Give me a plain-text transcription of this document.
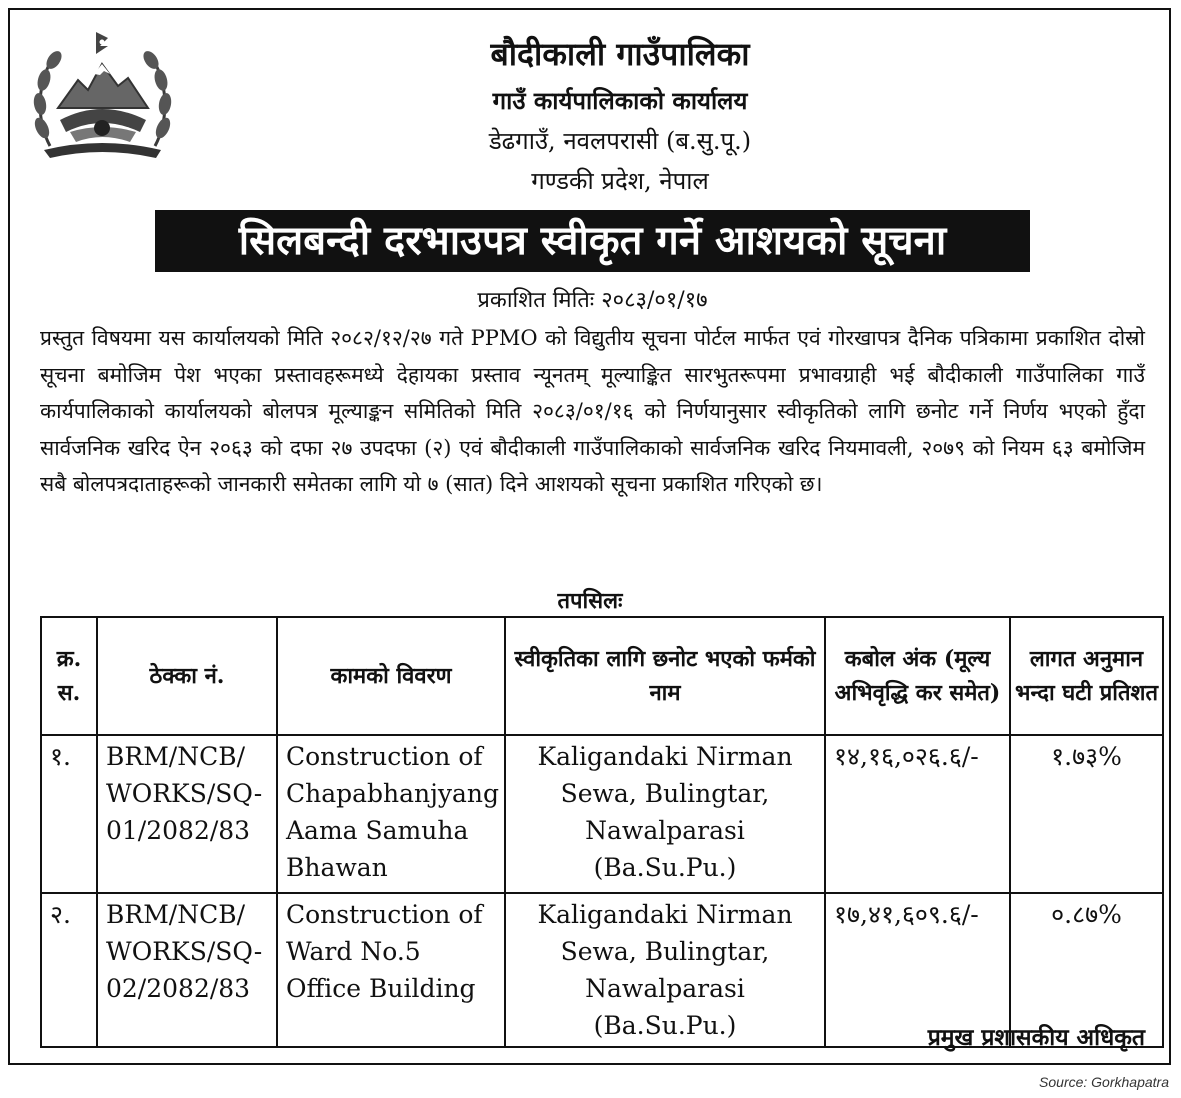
बौदीकाली गाउँपालिका

गाउँ कार्यपालिकाको कार्यालय

डेढगाउँ, नवलपरासी (ब.सु.पू.)

गण्डकी प्रदेश, नेपाल

सिलबन्दी दरभाउपत्र स्वीकृत गर्ने आशयको सूचना

प्रकाशित मितिः २०८३/०१/१७

प्रस्तुत विषयमा यस कार्यालयको मिति २०८२/१२/२७ गते PPMO को विद्युतीय सूचना पोर्टल मार्फत एवं गोरखापत्र दैनिक पत्रिकामा प्रकाशित दोस्रो सूचना बमोजिम पेश भएका प्रस्तावहरूमध्ये देहायका प्रस्ताव न्यूनतम् मूल्याङ्कित सारभुतरूपमा प्रभावग्राही भई बौदीकाली गाउँपालिका गाउँ कार्यपालिकाको कार्यालयको बोलपत्र मूल्याङ्कन समितिको मिति २०८३/०१/१६ को निर्णयानुसार स्वीकृतिको लागि छनोट गर्ने निर्णय भएको हुँदा सार्वजनिक खरिद ऐन २०६३ को दफा २७ उपदफा (२) एवं बौदीकाली गाउँपालिकाको सार्वजनिक खरिद नियमावली, २०७९ को नियम ६३ बमोजिम सबै बोलपत्रदाताहरूको जानकारी समेतका लागि यो ७ (सात) दिने आशयको सूचना प्रकाशित गरिएको छ।

तपसिलः

क्र. स.	ठेक्का नं.	कामको विवरण	स्वीकृतिका लागि छनोट भएको फर्मको नाम	कबोल अंक (मूल्य अभिवृद्धि कर समेत)	लागत अनुमान भन्दा घटी प्रतिशत
१.	BRM/NCB/ WORKS/SQ-01/2082/83	Construction of Chapabhanjyang Aama Samuha Bhawan	Kaligandaki Nirman Sewa, Bulingtar, Nawalparasi (Ba.Su.Pu.)	१४,१६,०२६.६/-	१.७३%
२.	BRM/NCB/ WORKS/SQ-02/2082/83	Construction of Ward No.5 Office Building	Kaligandaki Nirman Sewa, Bulingtar, Nawalparasi (Ba.Su.Pu.)	१७,४१,६०९.६/-	०.८७%

प्रमुख प्रशासकीय अधिकृत

Source: Gorkhapatra
